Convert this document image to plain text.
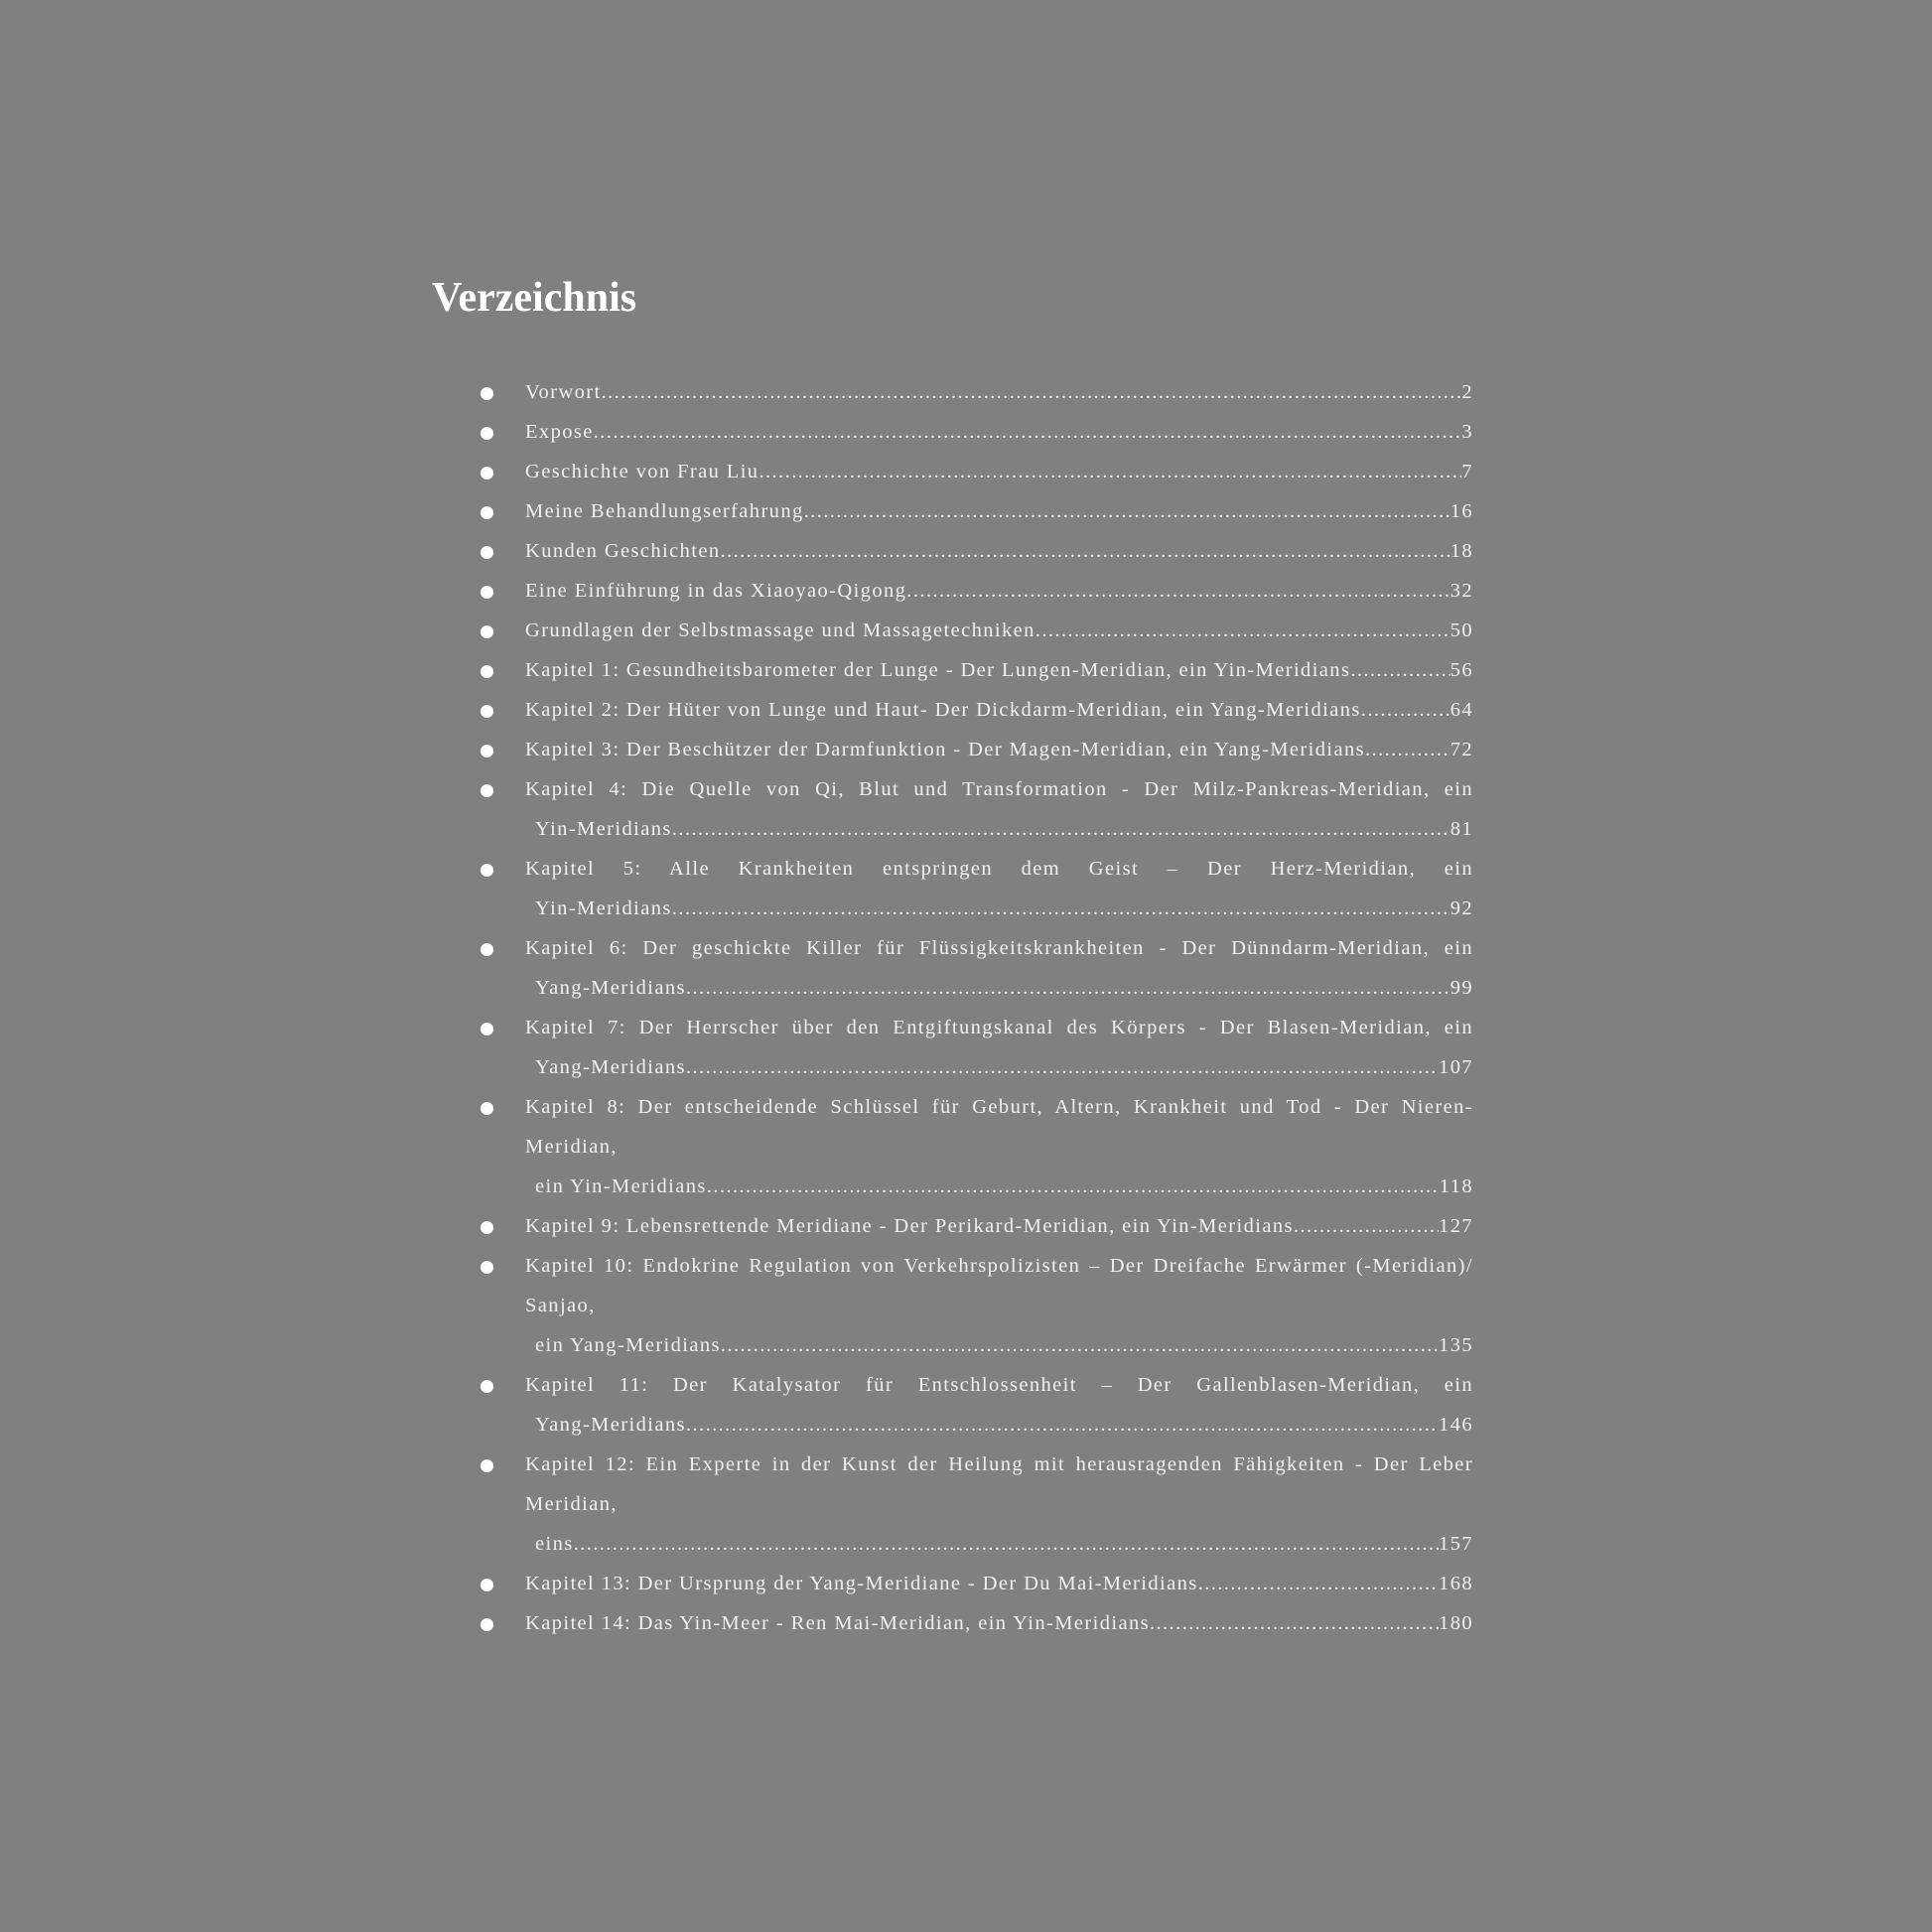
Verzeichnis
Vorwort .....	2
Expose .....	3
Geschichte von Frau Liu .....	7
Meine Behandlungserfahrung .....	16
Kunden Geschichten .....	18
Eine Einführung in das Xiaoyao-Qigong .....	32
Grundlagen der Selbstmassage und Massagetechniken .....	50
Kapitel 1: Gesundheitsbarometer der Lunge - Der Lungen-Meridian, ein Yin-Meridians .....	56
Kapitel 2: Der Hüter von Lunge und Haut- Der Dickdarm-Meridian, ein Yang-Meridians .....	64
Kapitel 3: Der Beschützer der Darmfunktion - Der Magen-Meridian, ein Yang-Meridians .....	72
Kapitel 4: Die Quelle von Qi, Blut und Transformation - Der Milz-Pankreas-Meridian, ein
Yin-Meridians .....	81
Kapitel 5: Alle Krankheiten entspringen dem Geist – Der Herz-Meridian, ein
Yin-Meridians .....	92
Kapitel 6: Der geschickte Killer für Flüssigkeitskrankheiten - Der Dünndarm-Meridian, ein
Yang-Meridians .....	99
Kapitel 7: Der Herrscher über den Entgiftungskanal des Körpers - Der Blasen-Meridian, ein
Yang-Meridians .....	107
Kapitel 8: Der entscheidende Schlüssel für Geburt, Altern, Krankheit und Tod - Der Nieren-Meridian,
ein Yin-Meridians .....	118
Kapitel 9: Lebensrettende Meridiane - Der Perikard-Meridian, ein Yin-Meridians .....	127
Kapitel 10: Endokrine Regulation von Verkehrspolizisten – Der Dreifache Erwärmer (-Meridian)/ Sanjao,
ein Yang-Meridians .....	135
Kapitel 11: Der Katalysator für Entschlossenheit – Der Gallenblasen-Meridian, ein
Yang-Meridians .....	146
Kapitel 12: Ein Experte in der Kunst der Heilung mit herausragenden Fähigkeiten - Der Leber Meridian,
eins .....	157
Kapitel 13: Der Ursprung der Yang-Meridiane - Der Du Mai-Meridians .....	168
Kapitel 14: Das Yin-Meer - Ren Mai-Meridian, ein Yin-Meridians .....	180
